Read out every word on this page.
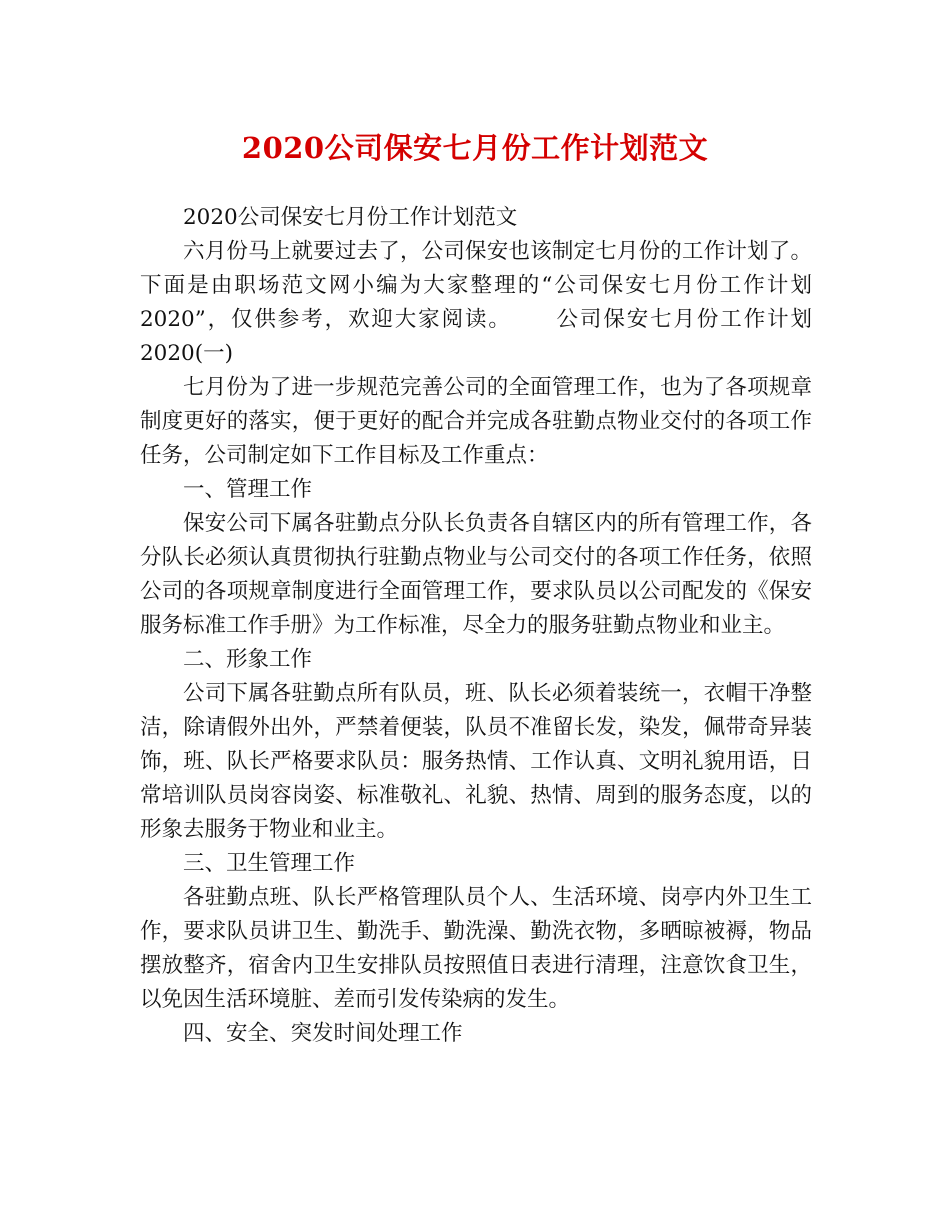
2020公司保安七月份工作计划范文

2020公司保安七月份工作计划范文

六月份马上就要过去了，公司保安也该制定七月份的工作计划了。下面是由职场范文网小编为大家整理的“公司保安七月份工作计划2020”，仅供参考，欢迎大家阅读。　　 公司保安七月份工作计划2020(一)

七月份为了进一步规范完善公司的全面管理工作，也为了各项规章制度更好的落实，便于更好的配合并完成各驻勤点物业交付的各项工作任务，公司制定如下工作目标及工作重点：

一、管理工作

保安公司下属各驻勤点分队长负责各自辖区内的所有管理工作，各分队长必须认真贯彻执行驻勤点物业与公司交付的各项工作任务，依照公司的各项规章制度进行全面管理工作，要求队员以公司配发的《保安服务标准工作手册》为工作标准，尽全力的服务驻勤点物业和业主。

二、形象工作

公司下属各驻勤点所有队员，班、队长必须着装统一，衣帽干净整洁，除请假外出外，严禁着便装，队员不准留长发，染发，佩带奇异装饰，班、队长严格要求队员：服务热情、工作认真、文明礼貌用语，日常培训队员岗容岗姿、标准敬礼、礼貌、热情、周到的服务态度，以的形象去服务于物业和业主。

三、卫生管理工作

各驻勤点班、队长严格管理队员个人、生活环境、岗亭内外卫生工作，要求队员讲卫生、勤洗手、勤洗澡、勤洗衣物，多晒晾被褥，物品摆放整齐，宿舍内卫生安排队员按照值日表进行清理，注意饮食卫生，以免因生活环境脏、差而引发传染病的发生。

四、安全、突发时间处理工作
